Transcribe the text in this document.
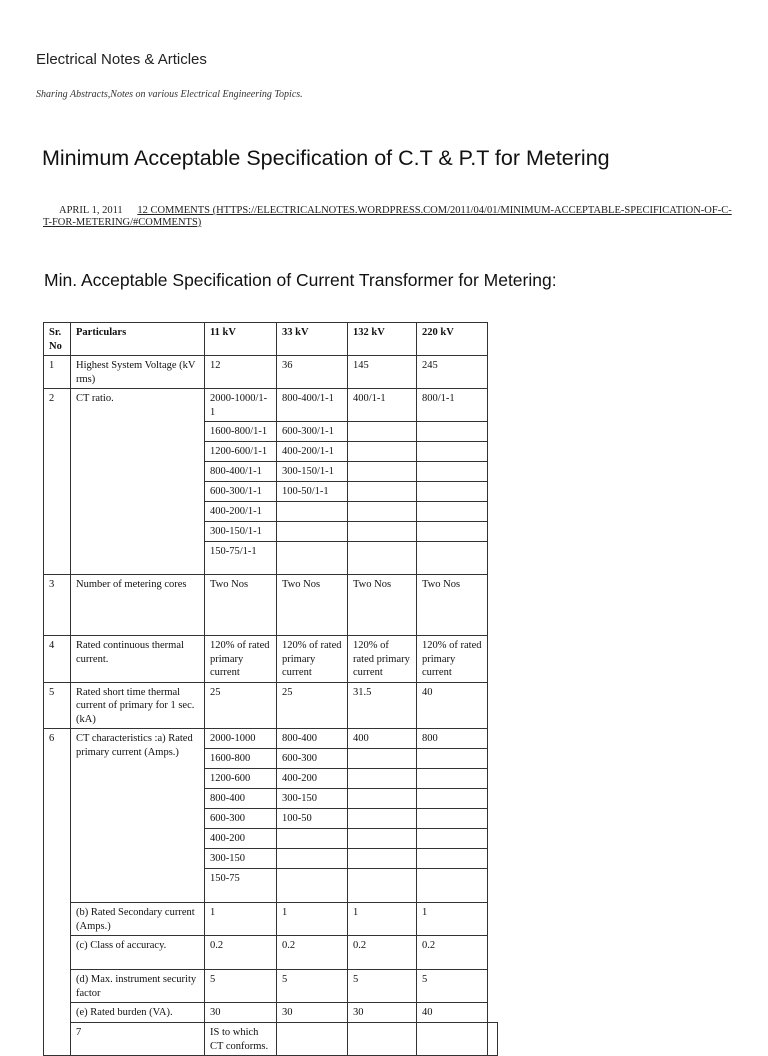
Electrical Notes & Articles
Sharing Abstracts,Notes on various Electrical Engineering Topics.
Minimum Acceptable Specification of C.T & P.T for Metering
APRIL 1, 2011 12 COMMENTS (HTTPS://ELECTRICALNOTES.WORDPRESS.COM/2011/04/01/MINIMUM-ACCEPTABLE-SPECIFICATION-OF-C-T-FOR-METERING/#COMMENTS)
Min. Acceptable Specification of Current Transformer for Metering:
Sr. No	Particulars	11 kV	33 kV	132 kV	220 kV	
1	Highest System Voltage (kV rms)	12	36	145	245	
2	CT ratio.	2000-1000/1-1	800-400/1-1	400/1-1	800/1-1	
		1600-800/1-1	600-300/1-1			
		1200-600/1-1	400-200/1-1			
		800-400/1-1	300-150/1-1			
		600-300/1-1	100-50/1-1			
		400-200/1-1				
		300-150/1-1				
		150-75/1-1				
3	Number of metering cores	Two Nos	Two Nos	Two Nos	Two Nos	
4	Rated continuous thermal current.	120% of rated primary current	120% of rated primary current	120% of rated primary current	120% of rated primary current	
5	Rated short time thermal current of primary for 1 sec. (kA)	25	25	31.5	40	
6	CT characteristics :a) Rated primary current (Amps.)	2000-1000	800-400	400	800	
		1600-800	600-300			
		1200-600	400-200			
		800-400	300-150			
		600-300	100-50			
		400-200				
		300-150				
		150-75				
	(b) Rated Secondary current (Amps.)	1	1	1	1	
	(c) Class of accuracy.	0.2	0.2	0.2	0.2	
	(d) Max. instrument security factor	5	5	5	5	
	(e) Rated burden (VA).	30	30	30	40	
	7	IS to which CT conforms.				
